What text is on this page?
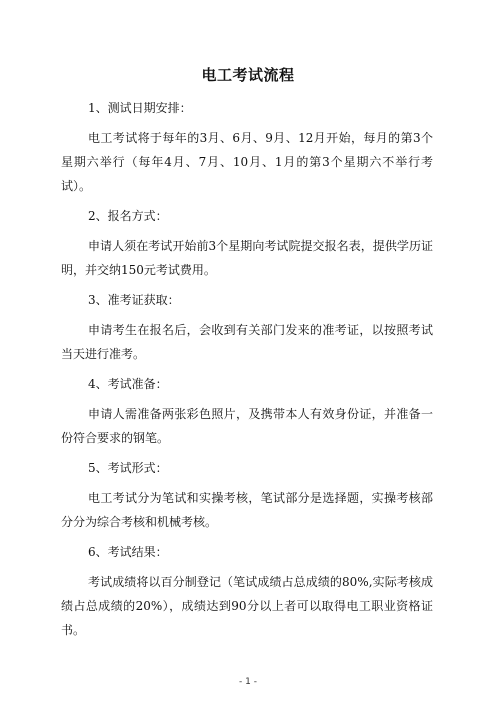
电工考试流程
1、测试日期安排：
电工考试将于每年的3月、6月、9月、12月开始，每月的第3个星期六举行（每年4月、7月、10月、1月的第3个星期六不举行考试）。
2、报名方式：
申请人须在考试开始前3个星期向考试院提交报名表，提供学历证明，并交纳150元考试费用。
3、准考证获取：
申请考生在报名后，会收到有关部门发来的准考证，以按照考试当天进行准考。
4、考试准备：
申请人需准备两张彩色照片，及携带本人有效身份证，并准备一份符合要求的钢笔。
5、考试形式：
电工考试分为笔试和实操考核，笔试部分是选择题，实操考核部分分为综合考核和机械考核。
6、考试结果：
考试成绩将以百分制登记（笔试成绩占总成绩的80%,实际考核成绩占总成绩的20%），成绩达到90分以上者可以取得电工职业资格证书。
- 1 -
